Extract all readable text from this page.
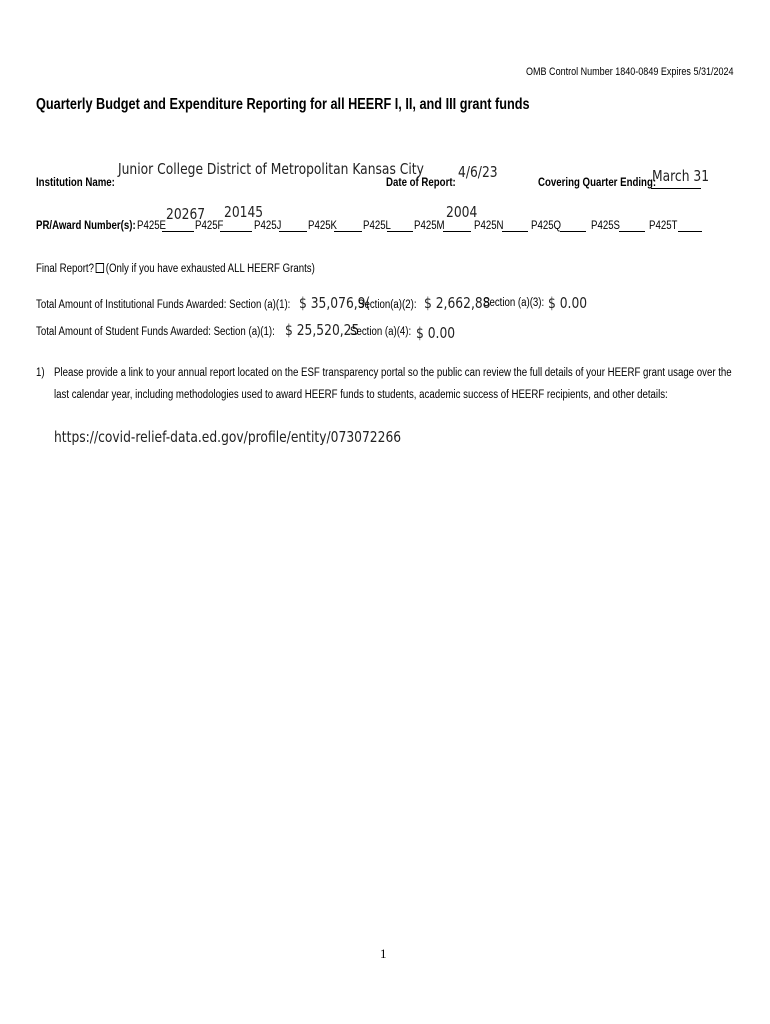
OMB Control Number 1840-0849 Expires 5/31/2024
Quarterly Budget and Expenditure Reporting for all HEERF I, II, and III grant funds
Institution Name:
Junior College District of Metropolitan Kansas City
Date of Report:
4/6/23
Covering Quarter Ending:
March 31
PR/Award Number(s): P425E
20267
P425F
20145
P425J P425K P425L P425M
2004
P425N P425Q	P425S	P425T
Final Report? (Only if you have exhausted ALL HEERF Grants)
Total Amount of Institutional Funds Awarded: Section (a)(1): $ 35,076,9(
Section(a)(2): $ 2,662,88
Section (a)(3): $ 0.00
Total Amount of Student Funds Awarded: Section (a)(1): $ 25,520,25
Section (a)(4): $ 0.00
1) Please provide a link to your annual report located on the ESF transparency portal so the public can review the full details of your HEERF grant usage over the last calendar year, including methodologies used to award HEERF funds to students, academic success of HEERF recipients, and other details:
https://covid-relief-data.ed.gov/profile/entity/073072266
1
